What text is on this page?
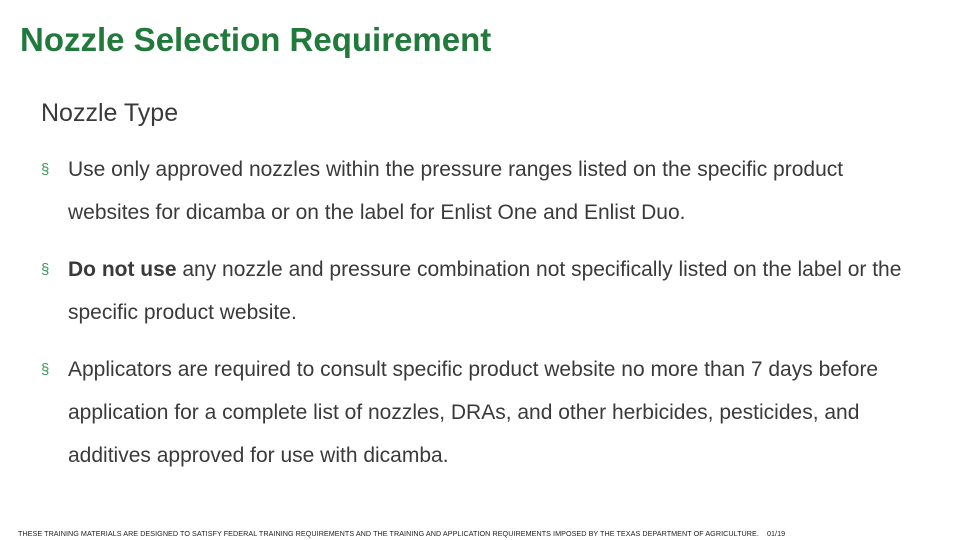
Nozzle Selection Requirement
Nozzle Type
§ Use only approved nozzles within the pressure ranges listed on the specific product websites for dicamba or on the label for Enlist One and Enlist Duo.
§ Do not use any nozzle and pressure combination not specifically listed on the label or the specific product website.
§ Applicators are required to consult specific product website no more than 7 days before application for a complete list of nozzles, DRAs, and other herbicides, pesticides, and additives approved for use with dicamba.

THESE TRAINING MATERIALS ARE DESIGNED TO SATISFY FEDERAL TRAINING REQUIREMENTS AND THE TRAINING AND APPLICATION REQUIREMENTS IMPOSED BY THE TEXAS DEPARTMENT OF AGRICULTURE. 01/19
